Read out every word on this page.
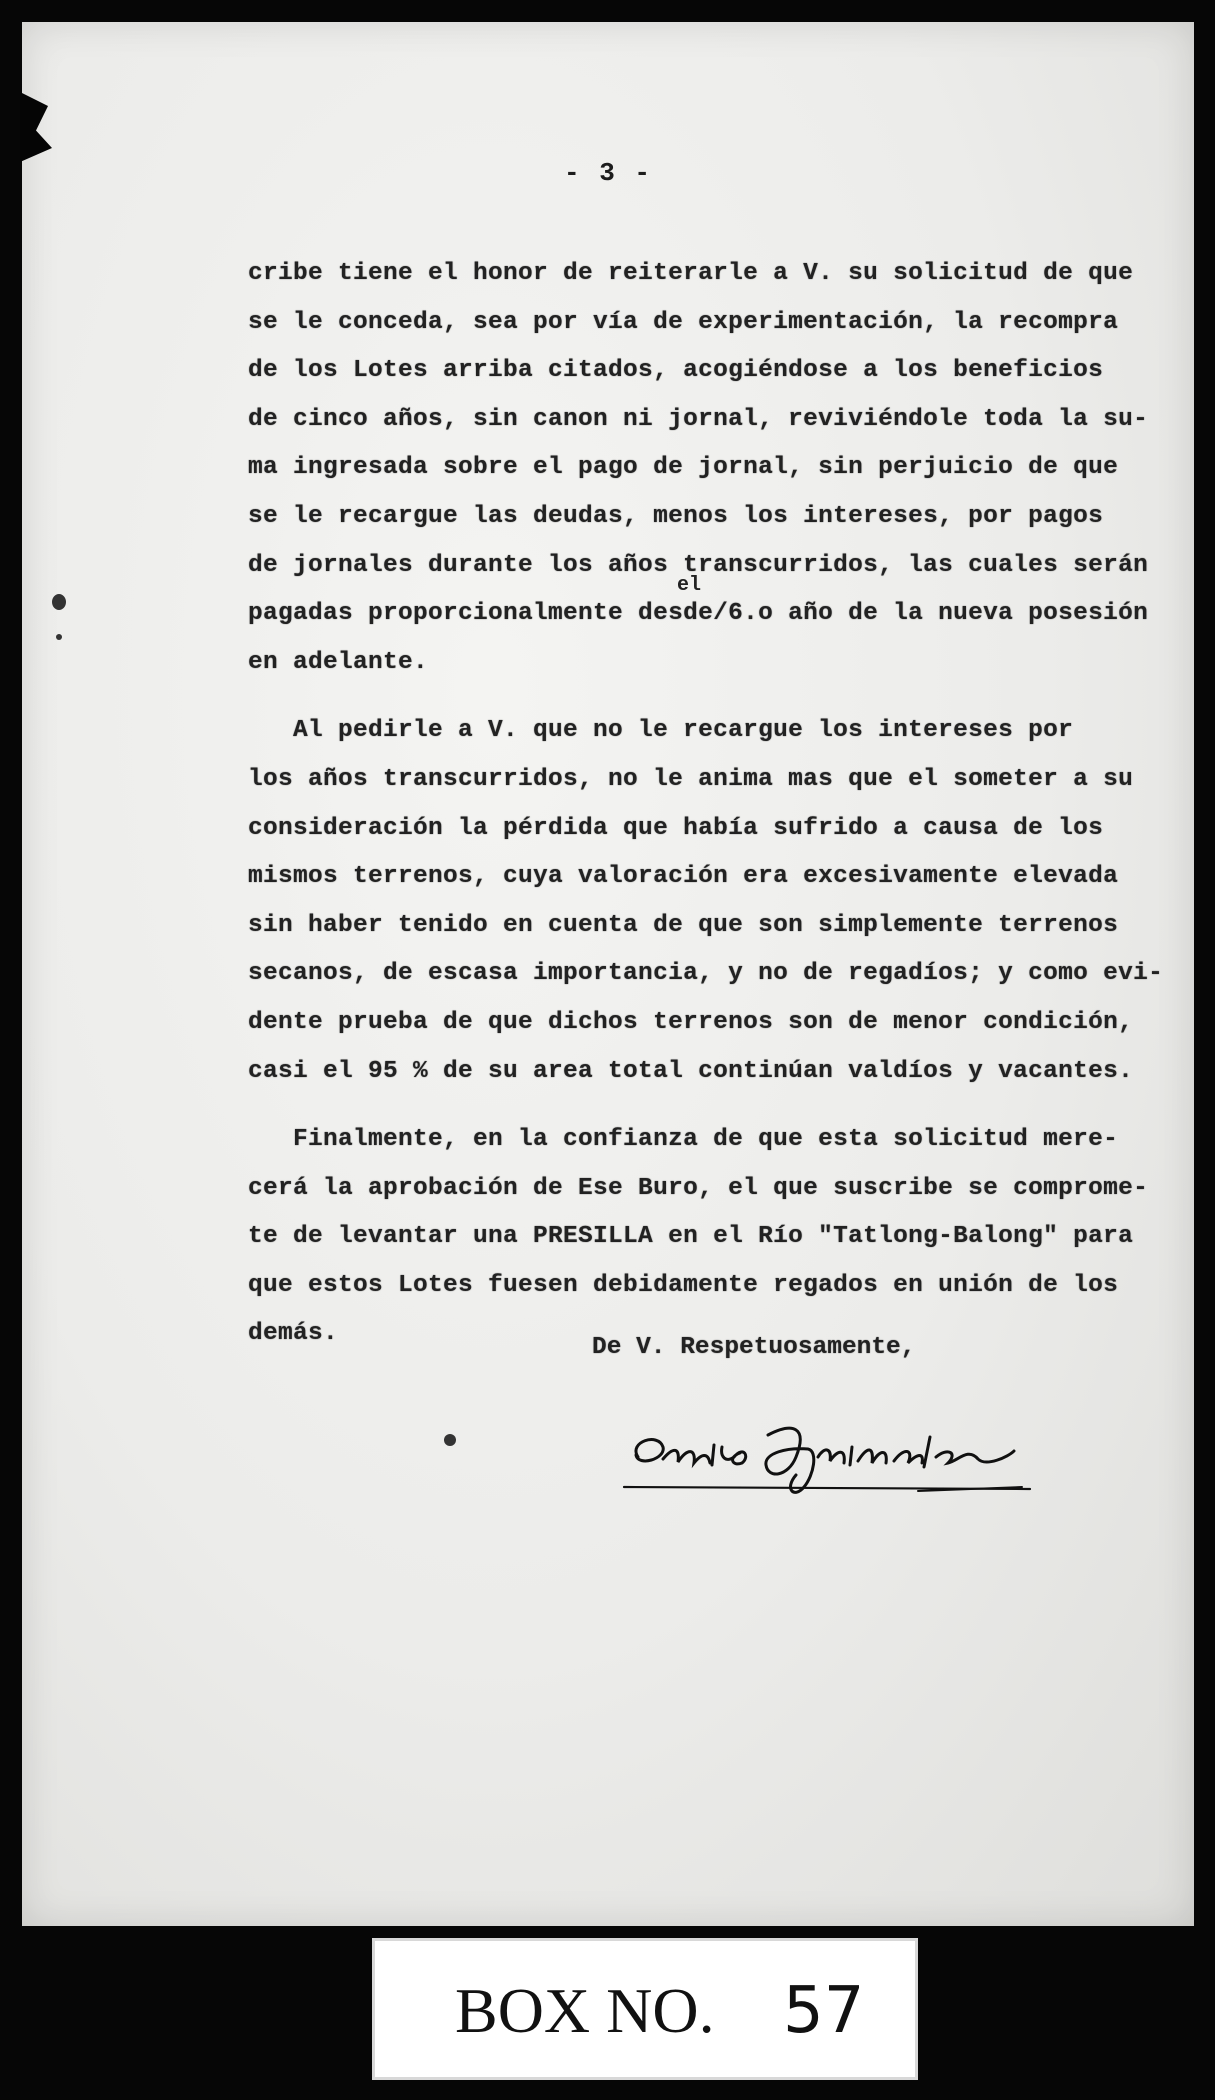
- 3 -
el
cribe tiene el honor de reiterarle a V. su solicitud de que
se le conceda, sea por vía de experimentación, la recompra
de los Lotes arriba citados, acogiéndose a los beneficios
de cinco años, sin canon ni jornal, reviviéndole toda la su-
ma ingresada sobre el pago de jornal, sin perjuicio de que
se le recargue las deudas, menos los intereses, por pagos
de jornales durante los años transcurridos, las cuales serán
pagadas proporcionalmente desde/6.o año de la nueva posesión
en adelante.
Al pedirle a V. que no le recargue los intereses por
los años transcurridos, no le anima mas que el someter a su
consideración la pérdida que había sufrido a causa de los
mismos terrenos, cuya valoración era excesivamente elevada
sin haber tenido en cuenta de que son simplemente terrenos
secanos, de escasa importancia, y no de regadíos; y como evi-
dente prueba de que dichos terrenos son de menor condición,
casi el 95 % de su area total continúan valdíos y vacantes.
Finalmente, en la confianza de que esta solicitud mere-
cerá la aprobación de Ese Buro, el que suscribe se comprome-
te de levantar una PRESILLA en el Río "Tatlong-Balong" para
que estos Lotes fuesen debidamente regados en unión de los
demás.
De V. Respetuosamente,
BOX NO. 57
